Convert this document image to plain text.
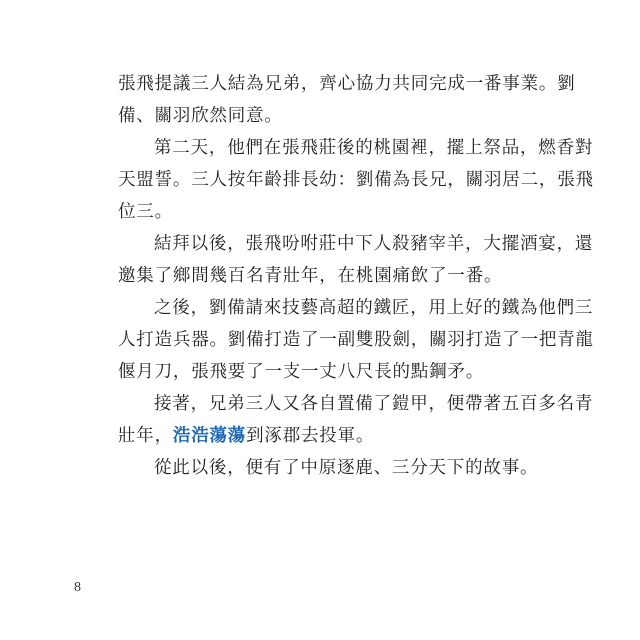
張飛提議三人結為兄弟，齊心協力共同完成一番事業。劉
備、關羽欣然同意。
第二天，他們在張飛莊後的桃園裡，擺上祭品，燃香對
天盟誓。三人按年齡排長幼：劉備為長兄，關羽居二，張飛
位三。
結拜以後，張飛吩咐莊中下人殺豬宰羊，大擺酒宴，還
邀集了鄉間幾百名青壯年，在桃園痛飲了一番。
之後，劉備請來技藝高超的鐵匠，用上好的鐵為他們三
人打造兵器。劉備打造了一副雙股劍，關羽打造了一把青龍
偃月刀，張飛要了一支一丈八尺長的點鋼矛。
接著，兄弟三人又各自置備了鎧甲，便帶著五百多名青
壯年，浩浩蕩蕩到涿郡去投軍。
從此以後，便有了中原逐鹿、三分天下的故事。
8
